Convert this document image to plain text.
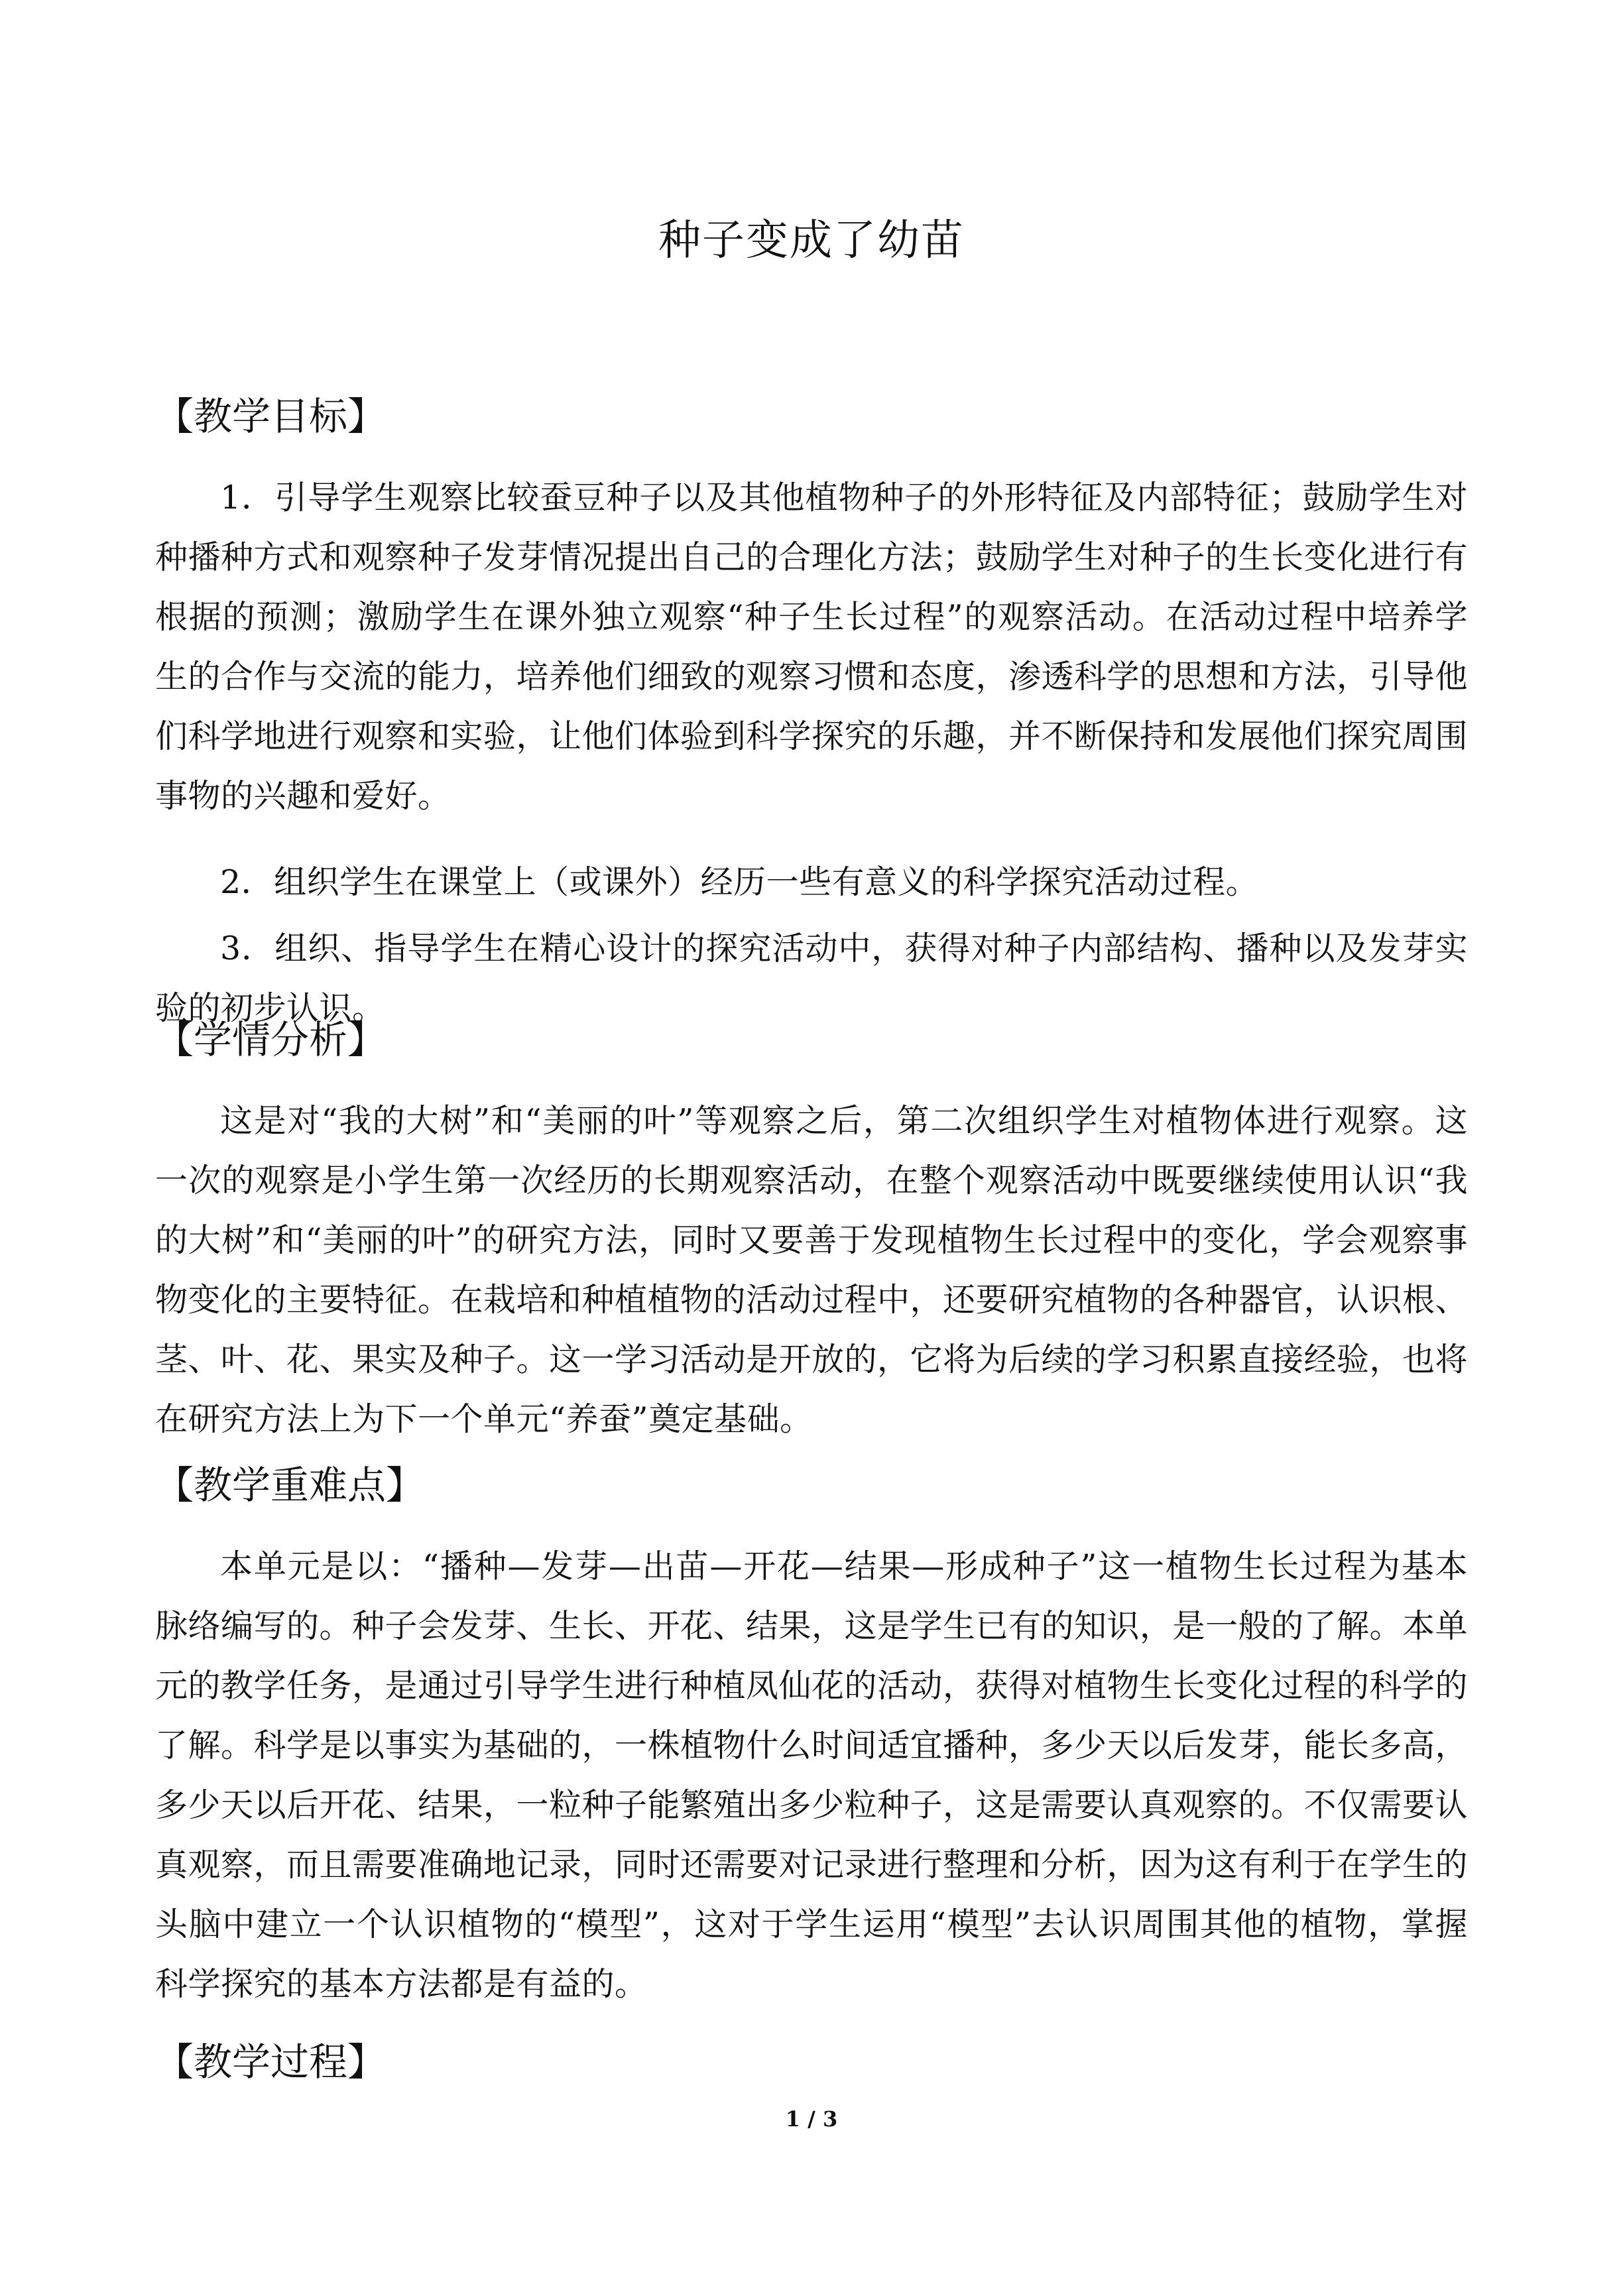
种子变成了幼苗
【教学目标】

1．引导学生观察比较蚕豆种子以及其他植物种子的外形特征及内部特征；鼓励学生对种播种方式和观察种子发芽情况提出自己的合理化方法；鼓励学生对种子的生长变化进行有根据的预测；激励学生在课外独立观察“种子生长过程”的观察活动。在活动过程中培养学生的合作与交流的能力，培养他们细致的观察习惯和态度，渗透科学的思想和方法，引导他们科学地进行观察和实验，让他们体验到科学探究的乐趣，并不断保持和发展他们探究周围事物的兴趣和爱好。

2．组织学生在课堂上（或课外）经历一些有意义的科学探究活动过程。

3．组织、指导学生在精心设计的探究活动中，获得对种子内部结构、播种以及发芽实验的初步认识。

【学情分析】

这是对“我的大树”和“美丽的叶”等观察之后，第二次组织学生对植物体进行观察。这一次的观察是小学生第一次经历的长期观察活动，在整个观察活动中既要继续使用认识“我的大树”和“美丽的叶”的研究方法，同时又要善于发现植物生长过程中的变化，学会观察事物变化的主要特征。在栽培和种植植物的活动过程中，还要研究植物的各种器官，认识根、茎、叶、花、果实及种子。这一学习活动是开放的，它将为后续的学习积累直接经验，也将在研究方法上为下一个单元“养蚕”奠定基础。

【教学重难点】

本单元是以：“播种—发芽—出苗—开花—结果—形成种子”这一植物生长过程为基本脉络编写的。种子会发芽、生长、开花、结果，这是学生已有的知识，是一般的了解。本单元的教学任务，是通过引导学生进行种植凤仙花的活动，获得对植物生长变化过程的科学的了解。科学是以事实为基础的，一株植物什么时间适宜播种，多少天以后发芽，能长多高，多少天以后开花、结果，一粒种子能繁殖出多少粒种子，这是需要认真观察的。不仅需要认真观察，而且需要准确地记录，同时还需要对记录进行整理和分析，因为这有利于在学生的头脑中建立一个认识植物的“模型”，这对于学生运用“模型”去认识周围其他的植物，掌握科学探究的基本方法都是有益的。

【教学过程】
1 / 3
